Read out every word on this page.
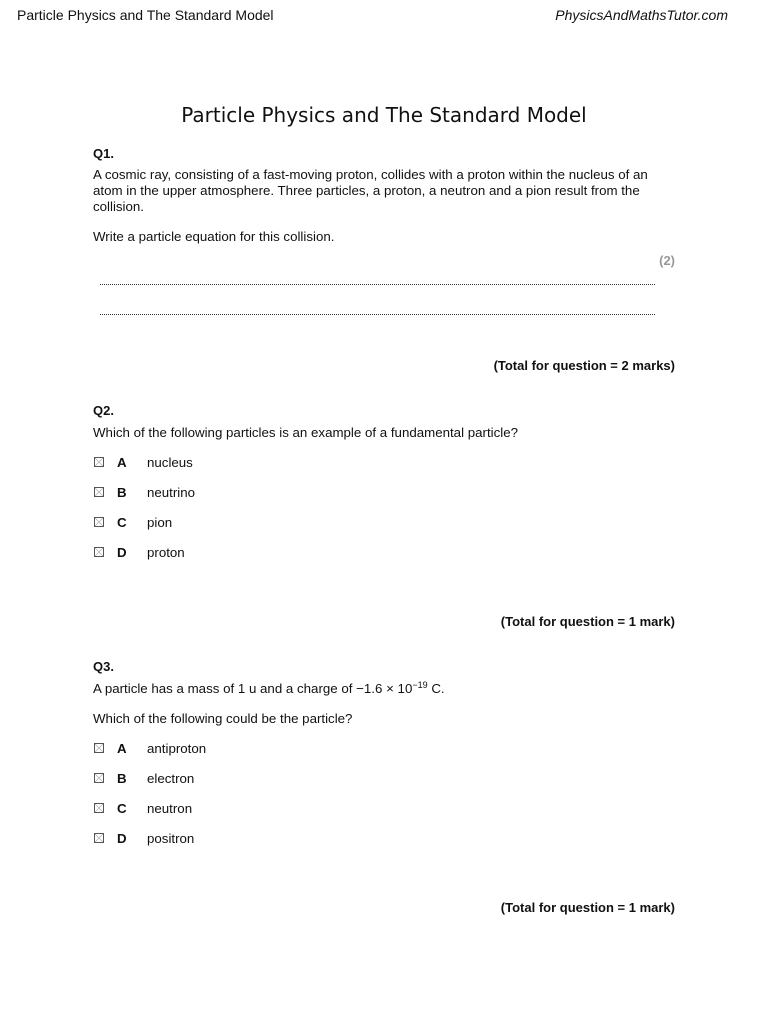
Particle Physics and The Standard Model	PhysicsAndMathsTutor.com
Particle Physics and The Standard Model
Q1.
A cosmic ray, consisting of a fast-moving proton, collides with a proton within the nucleus of an atom in the upper atmosphere. Three particles, a proton, a neutron and a pion result from the collision.
Write a particle equation for this collision.
(2)
(Total for question = 2 marks)
Q2.
Which of the following particles is an example of a fundamental particle?
A nucleus
B neutrino
C pion
D proton
(Total for question = 1 mark)
Q3.
A particle has a mass of 1 u and a charge of $-1.6 \times 10^{-19}$ C.
Which of the following could be the particle?
A antiproton
B electron
C neutron
D positron
(Total for question = 1 mark)
